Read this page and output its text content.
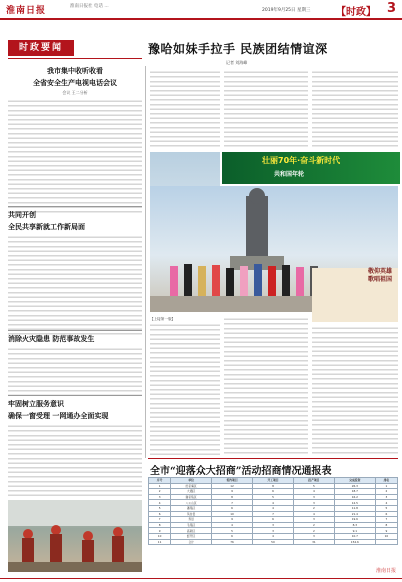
淮南日报	淮南日报社 电话 ...
2019年9月25日 星期三	【时政】 3
时政要闻	豫哈如妹手拉手 民族团结情谊深
记者 刘海峰
我市集中收听收看
全省安全生产电视电话会议
会议 王二分析
共同开创
全民共享新就工作新局面
消除火灾隐患 防范事故发生
牢固树立服务意识
确保一窗受理 一网通办全面实现
壮丽70年·奋斗新时代
共和国年轮
敬仰英雄 歌唱祖国
【上接第一版】
全市“迎落众大招商”活动招商情况通报表
序号	单位	签约项目	开工项目	投产项目	完成投资	排名
1	田家庵区	12	8	5	26.3	1
2	大通区	9	6	4	18.7	2
3	谢家集区	8	5	3	16.2	3
4	八公山区	7	4	3	12.5	4
5	潘集区	6	4	2	11.8	5
6	凤台县	10	7	4	21.4	6
7	寿县	9	6	3	19.6	7
8	毛集区	4	3	2	8.3	8
9	高新区	5	3	2	9.1	9
10	经开区	6	4	3	10.7	10
11	合计	76	50	31	154.6	
淮南日报
